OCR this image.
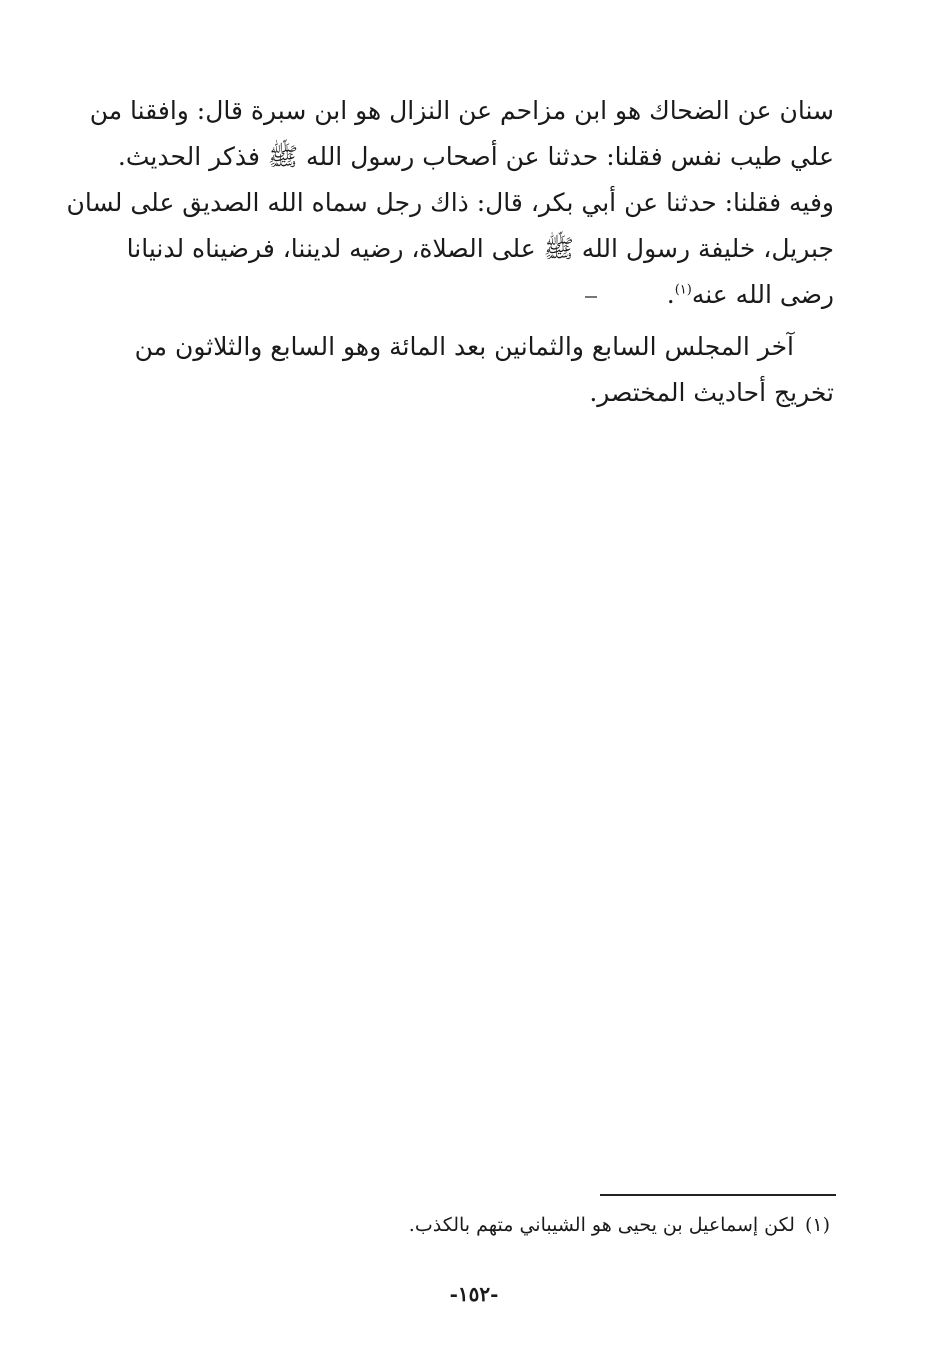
سنان عن الضحاك هو ابن مزاحم عن النزال هو ابن سبرة قال: وافقنا من
علي طيب نفس فقلنا: حدثنا عن أصحاب رسول الله ﷺ فذكر الحديث.
وفيه فقلنا: حدثنا عن أبي بكر، قال: ذاك رجل سماه الله الصديق على لسان
جبريل، خليفة رسول الله ﷺ على الصلاة، رضيه لديننا، فرضيناه لدنيانا
رضى الله عنه$^{(١)}$.

آخر المجلس السابع والثمانين بعد المائة وهو السابع والثلاثون من
تخريج أحاديث المختصر.

(١)لكن إسماعيل بن يحيى هو الشيباني متهم بالكذب.
-١٥٢-
